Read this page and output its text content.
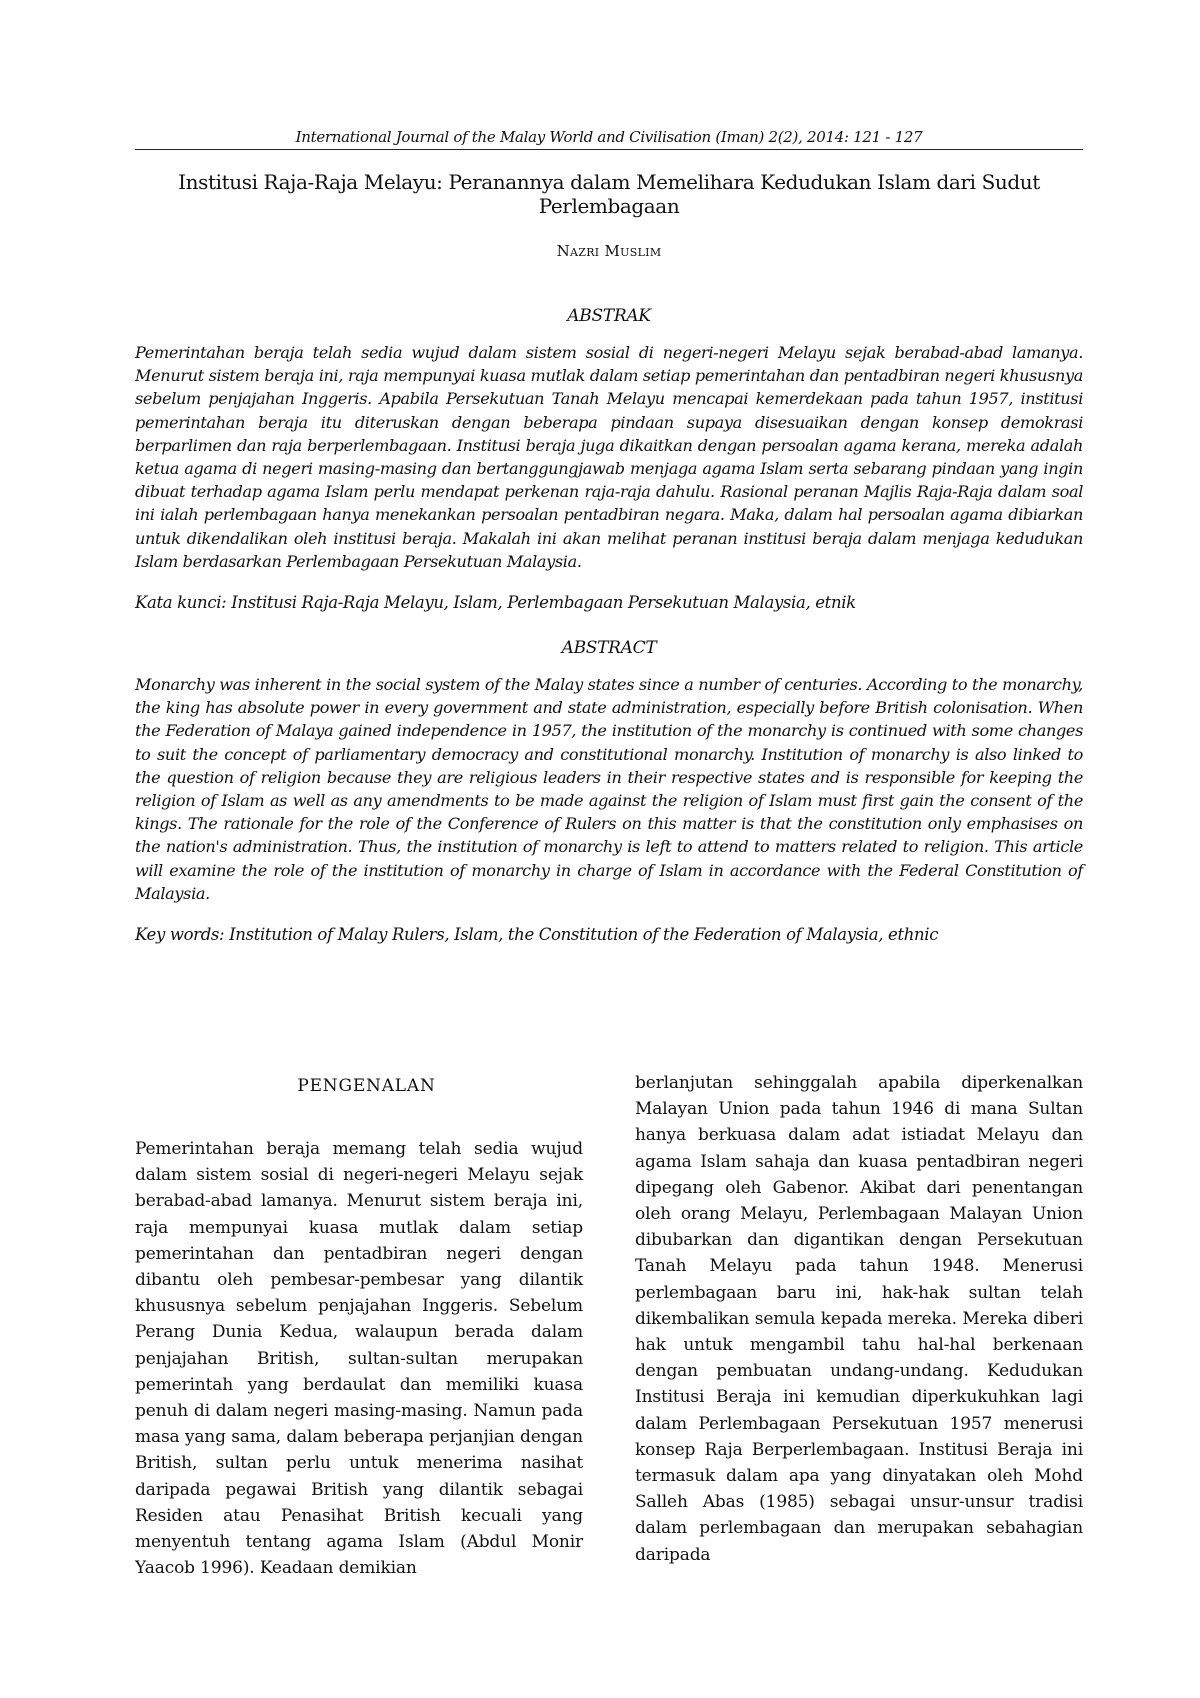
International Journal of the Malay World and Civilisation (Iman) 2(2), 2014: 121 - 127
Institusi Raja-Raja Melayu: Peranannya dalam Memelihara Kedudukan Islam dari Sudut Perlembagaan
Nazri Muslim
ABSTRAK

Pemerintahan beraja telah sedia wujud dalam sistem sosial di negeri-negeri Melayu sejak berabad-abad lamanya. Menurut sistem beraja ini, raja mempunyai kuasa mutlak dalam setiap pemerintahan dan pentadbiran negeri khususnya sebelum penjajahan Inggeris. Apabila Persekutuan Tanah Melayu mencapai kemerdekaan pada tahun 1957, institusi pemerintahan beraja itu diteruskan dengan beberapa pindaan supaya disesuaikan dengan konsep demokrasi berparlimen dan raja berperlembagaan. Institusi beraja juga dikaitkan dengan persoalan agama kerana, mereka adalah ketua agama di negeri masing-masing dan bertanggungjawab menjaga agama Islam serta sebarang pindaan yang ingin dibuat terhadap agama Islam perlu mendapat perkenan raja-raja dahulu. Rasional peranan Majlis Raja-Raja dalam soal ini ialah perlembagaan hanya menekankan persoalan pentadbiran negara. Maka, dalam hal persoalan agama dibiarkan untuk dikendalikan oleh institusi beraja. Makalah ini akan melihat peranan institusi beraja dalam menjaga kedudukan Islam berdasarkan Perlembagaan Persekutuan Malaysia.

Kata kunci: Institusi Raja-Raja Melayu, Islam, Perlembagaan Persekutuan Malaysia, etnik
ABSTRACT

Monarchy was inherent in the social system of the Malay states since a number of centuries. According to the monarchy, the king has absolute power in every government and state administration, especially before British colonisation. When the Federation of Malaya gained independence in 1957, the institution of the monarchy is continued with some changes to suit the concept of parliamentary democracy and constitutional monarchy. Institution of monarchy is also linked to the question of religion because they are religious leaders in their respective states and is responsible for keeping the religion of Islam as well as any amendments to be made against the religion of Islam must first gain the consent of the kings. The rationale for the role of the Conference of Rulers on this matter is that the constitution only emphasises on the nation's administration. Thus, the institution of monarchy is left to attend to matters related to religion. This article will examine the role of the institution of monarchy in charge of Islam in accordance with the Federal Constitution of Malaysia.

Key words: Institution of Malay Rulers, Islam, the Constitution of the Federation of Malaysia, ethnic
PENGENALAN

Pemerintahan beraja memang telah sedia wujud dalam sistem sosial di negeri-negeri Melayu sejak berabad-abad lamanya. Menurut sistem beraja ini, raja mempunyai kuasa mutlak dalam setiap pemerintahan dan pentadbiran negeri dengan dibantu oleh pembesar-pembesar yang dilantik khususnya sebelum penjajahan Inggeris. Sebelum Perang Dunia Kedua, walaupun berada dalam penjajahan British, sultan-sultan merupakan pemerintah yang berdaulat dan memiliki kuasa penuh di dalam negeri masing-masing. Namun pada masa yang sama, dalam beberapa perjanjian dengan British, sultan perlu untuk menerima nasihat daripada pegawai British yang dilantik sebagai Residen atau Penasihat British kecuali yang menyentuh tentang agama Islam (Abdul Monir Yaacob 1996). Keadaan demikian

berlanjutan sehinggalah apabila diperkenalkan Malayan Union pada tahun 1946 di mana Sultan hanya berkuasa dalam adat istiadat Melayu dan agama Islam sahaja dan kuasa pentadbiran negeri dipegang oleh Gabenor. Akibat dari penentangan oleh orang Melayu, Perlembagaan Malayan Union dibubarkan dan digantikan dengan Persekutuan Tanah Melayu pada tahun 1948. Menerusi perlembagaan baru ini, hak-hak sultan telah dikembalikan semula kepada mereka. Mereka diberi hak untuk mengambil tahu hal-hal berkenaan dengan pembuatan undang-undang. Kedudukan Institusi Beraja ini kemudian diperkukuhkan lagi dalam Perlembagaan Persekutuan 1957 menerusi konsep Raja Berperlembagaan. Institusi Beraja ini termasuk dalam apa yang dinyatakan oleh Mohd Salleh Abas (1985) sebagai unsur-unsur tradisi dalam perlembagaan dan merupakan sebahagian daripada
